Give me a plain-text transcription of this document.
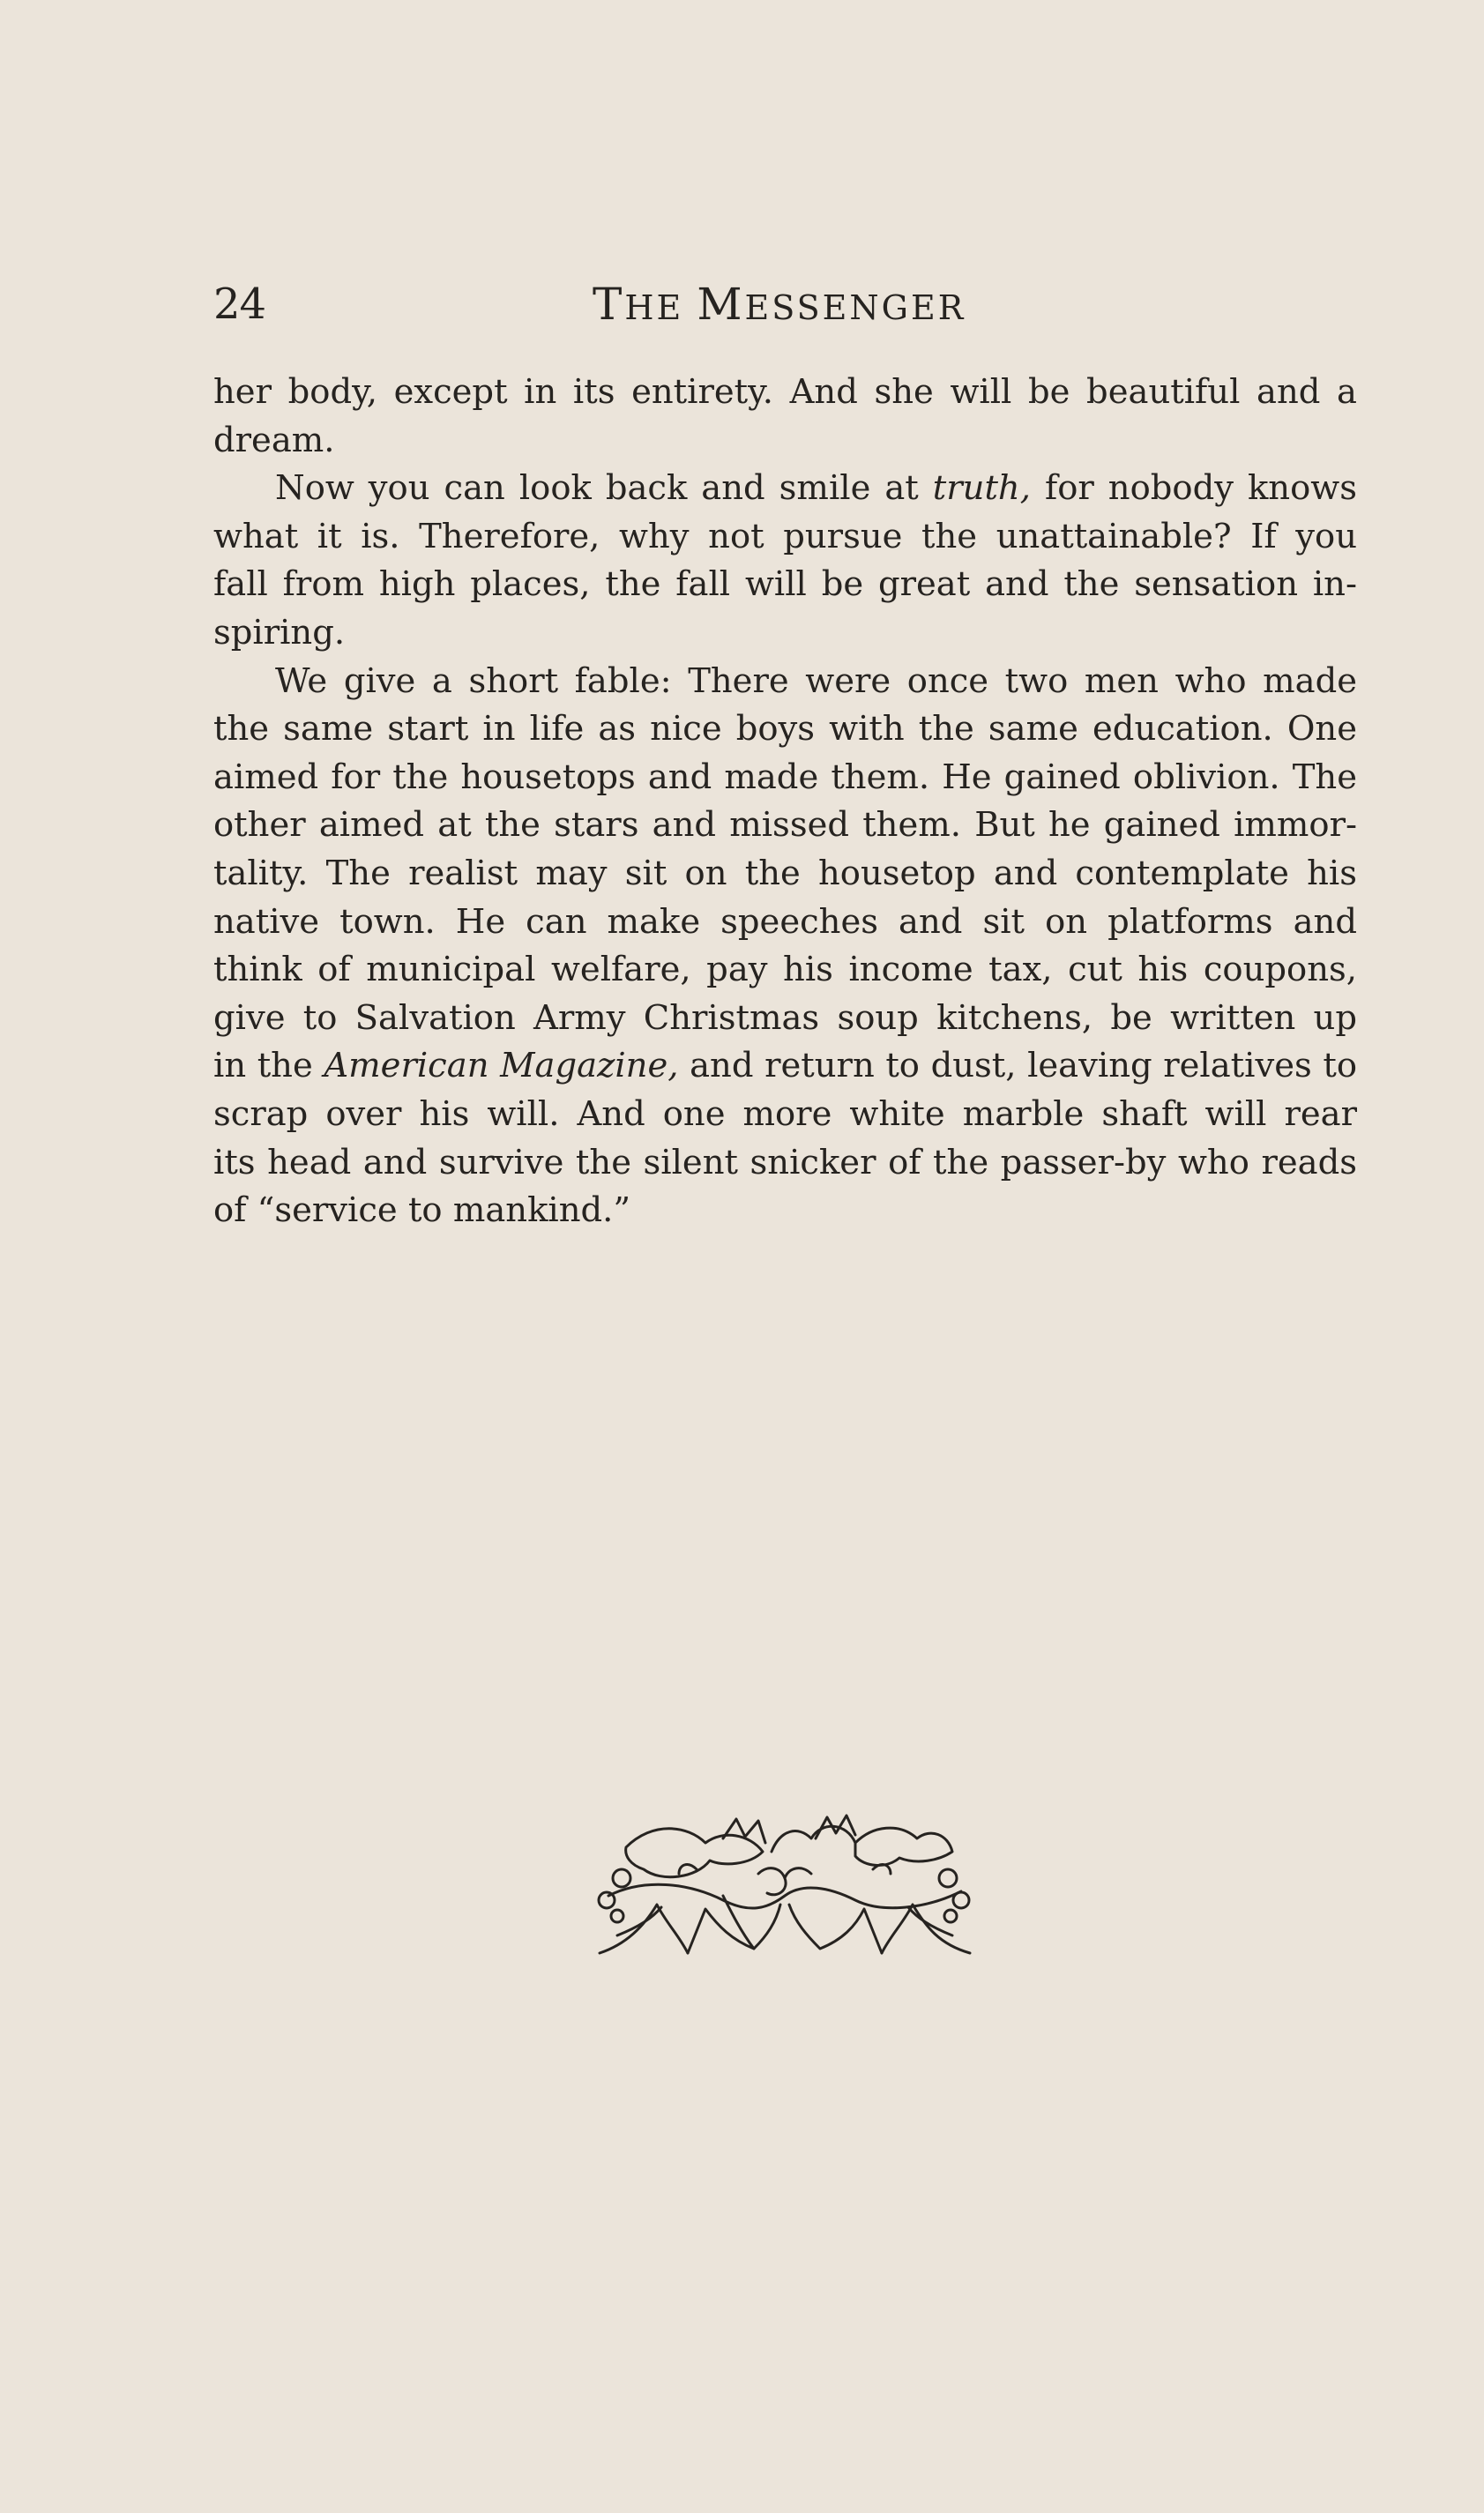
24	THE MESSENGER
her body, except in its entirety. And she will be beautiful and a
dream.
Now you can look back and smile at truth, for nobody knows
what it is. Therefore, why not pursue the unattainable? If you
fall from high places, the fall will be great and the sensation in-
spiring.
We give a short fable: There were once two men who made
the same start in life as nice boys with the same education. One
aimed for the housetops and made them. He gained oblivion. The
other aimed at the stars and missed them. But he gained immor-
tality. The realist may sit on the housetop and contemplate his
native town. He can make speeches and sit on platforms and
think of municipal welfare, pay his income tax, cut his coupons,
give to Salvation Army Christmas soup kitchens, be written up
in the American Magazine, and return to dust, leaving relatives to
scrap over his will. And one more white marble shaft will rear
its head and survive the silent snicker of the passer-by who reads
of “service to mankind.”
